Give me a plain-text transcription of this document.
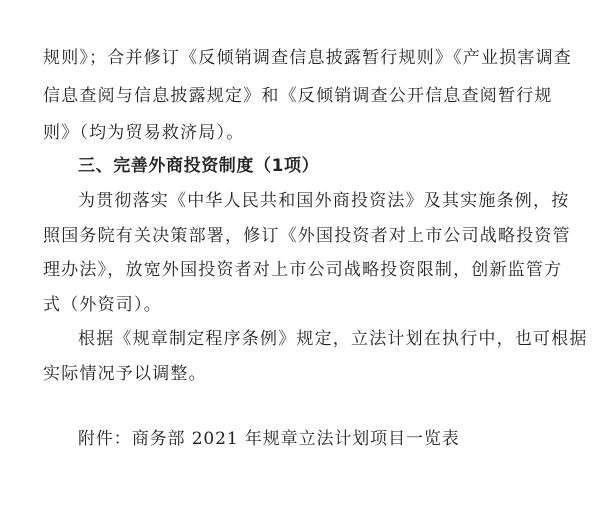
规则》；合并修订《反倾销调查信息披露暂行规则》《产业损害调查
信息查阅与信息披露规定》和《反倾销调查公开信息查阅暂行规
则》（均为贸易救济局）。
三、完善外商投资制度（1项）
为贯彻落实《中华人民共和国外商投资法》及其实施条例，按
照国务院有关决策部署，修订《外国投资者对上市公司战略投资管
理办法》，放宽外国投资者对上市公司战略投资限制，创新监管方
式（外资司）。
根据《规章制定程序条例》规定，立法计划在执行中，也可根据
实际情况予以调整。
附件：商务部 2021 年规章立法计划项目一览表
